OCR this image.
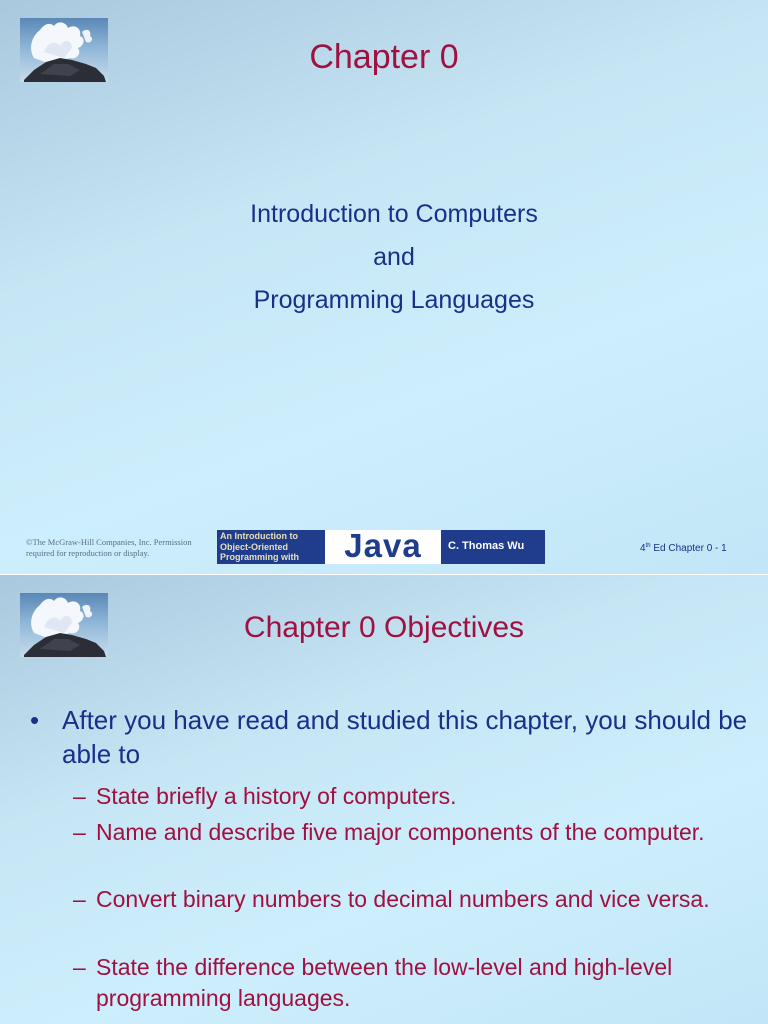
Chapter 0
Introduction to Computers
and
Programming Languages
©The McGraw-Hill Companies, Inc. Permission
required for reproduction or display.
An Introduction to
Object-Oriented
Programming with	Java	C. Thomas Wu	4th Ed Chapter 0 - 1
Chapter 0 Objectives
• After you have read and studied this chapter, you should be able to
– State briefly a history of computers.
– Name and describe five major components of the computer.
– Convert binary numbers to decimal numbers and vice versa.
– State the difference between the low-level and high-level programming languages.
